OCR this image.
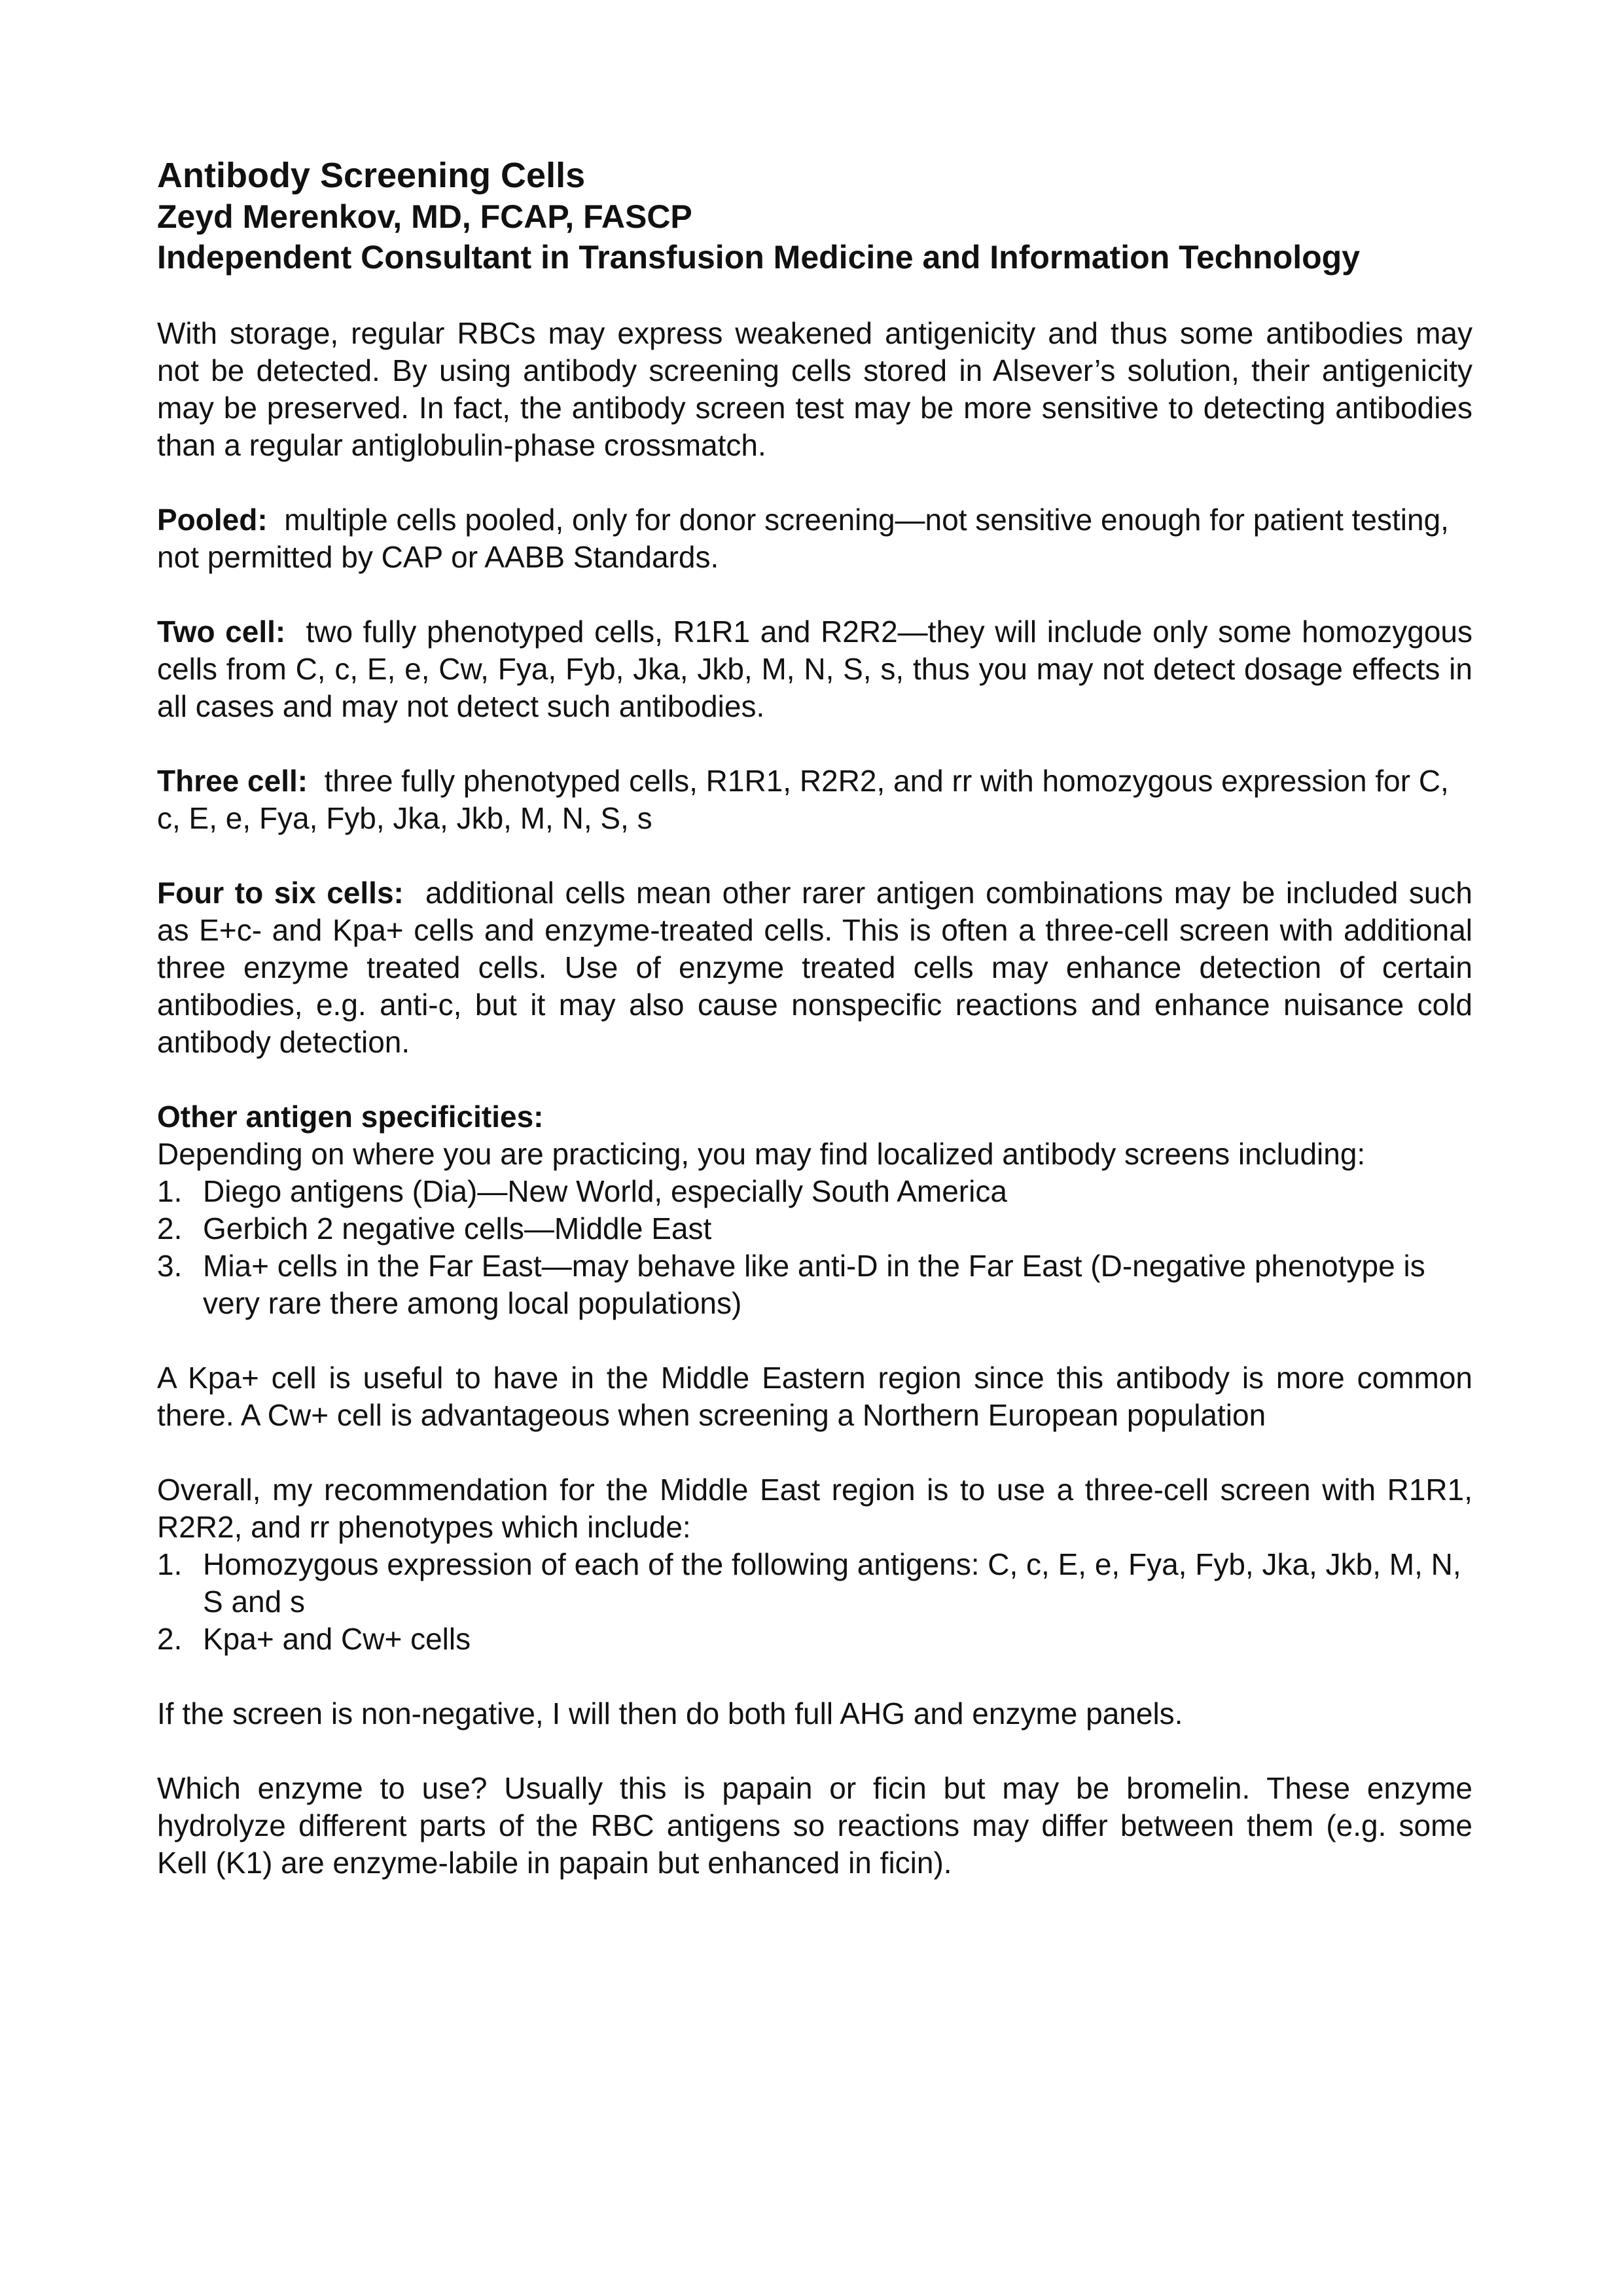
Antibody Screening Cells
Zeyd Merenkov, MD, FCAP, FASCP
Independent Consultant in Transfusion Medicine and Information Technology

With storage, regular RBCs may express weakened antigenicity and thus some antibodies may not be detected. By using antibody screening cells stored in Alsever’s solution, their antigenicity may be preserved. In fact, the antibody screen test may be more sensitive to detecting antibodies than a regular antiglobulin-phase crossmatch.

Pooled: multiple cells pooled, only for donor screening—not sensitive enough for patient testing, not permitted by CAP or AABB Standards.

Two cell: two fully phenotyped cells, R1R1 and R2R2—they will include only some homozygous cells from C, c, E, e, Cw, Fya, Fyb, Jka, Jkb, M, N, S, s, thus you may not detect dosage effects in all cases and may not detect such antibodies.

Three cell: three fully phenotyped cells, R1R1, R2R2, and rr with homozygous expression for C, c, E, e, Fya, Fyb, Jka, Jkb, M, N, S, s

Four to six cells: additional cells mean other rarer antigen combinations may be included such as E+c- and Kpa+ cells and enzyme-treated cells. This is often a three-cell screen with additional three enzyme treated cells. Use of enzyme treated cells may enhance detection of certain antibodies, e.g. anti-c, but it may also cause nonspecific reactions and enhance nuisance cold antibody detection.

Other antigen specificities:
Depending on where you are practicing, you may find localized antibody screens including:
1. Diego antigens (Dia)—New World, especially South America
2. Gerbich 2 negative cells—Middle East
3. Mia+ cells in the Far East—may behave like anti-D in the Far East (D-negative phenotype is very rare there among local populations)

A Kpa+ cell is useful to have in the Middle Eastern region since this antibody is more common there. A Cw+ cell is advantageous when screening a Northern European population

Overall, my recommendation for the Middle East region is to use a three-cell screen with R1R1, R2R2, and rr phenotypes which include:
1. Homozygous expression of each of the following antigens: C, c, E, e, Fya, Fyb, Jka, Jkb, M, N, S and s
2. Kpa+ and Cw+ cells

If the screen is non-negative, I will then do both full AHG and enzyme panels.

Which enzyme to use? Usually this is papain or ficin but may be bromelin. These enzyme hydrolyze different parts of the RBC antigens so reactions may differ between them (e.g. some Kell (K1) are enzyme-labile in papain but enhanced in ficin).
